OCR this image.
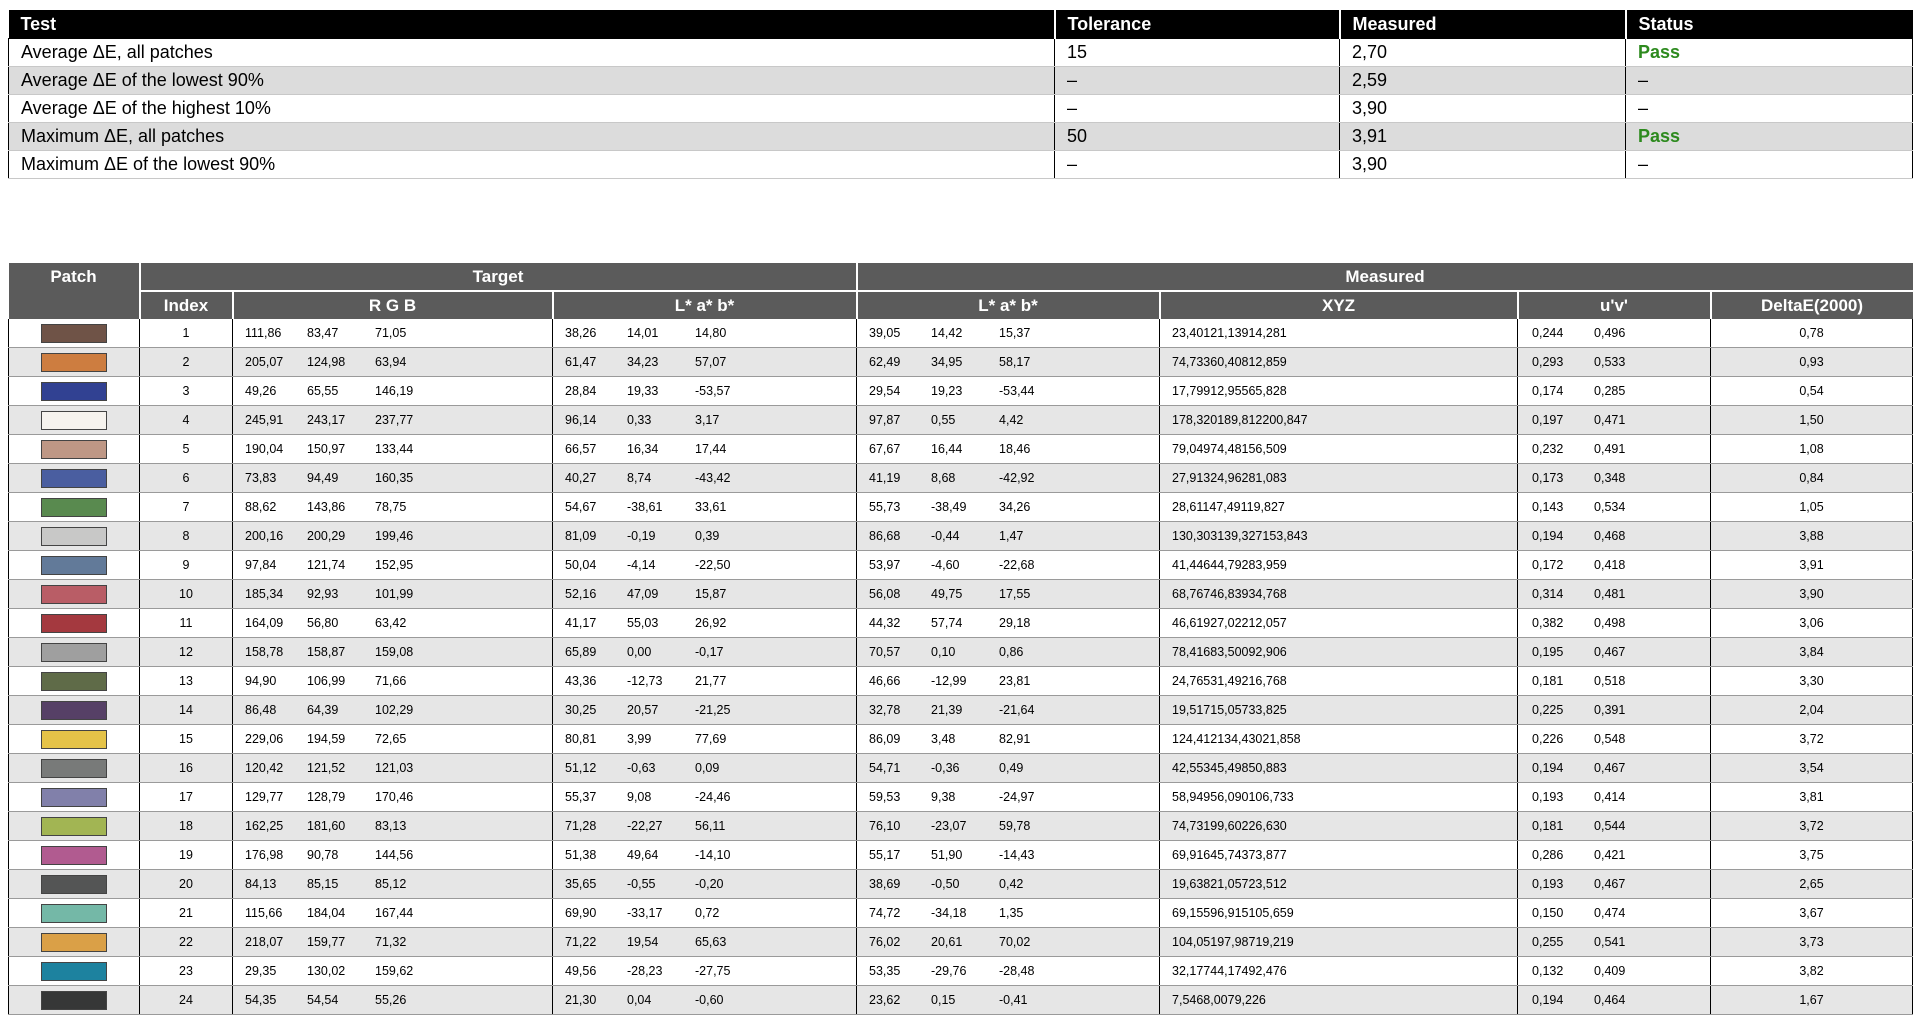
Test	Tolerance	Measured	Status
Average ΔE, all patches	15	2,70	Pass
Average ΔE of the lowest 90%	–	2,59	–
Average ΔE of the highest 10%	–	3,90	–
Maximum ΔE, all patches	50	3,91	Pass
Maximum ΔE of the lowest 90%	–	3,90	–
Patch	Target			Measured			
	Index	R G B	L* a* b*	L* a* b*	XYZ	u'v'	DeltaE(2000)
	1	111,86 83,47 71,05	38,26 14,01 14,80	39,05 14,42 15,37	23,40121,13914,281	0,244 0,496	0,78
	2	205,07 124,98 63,94	61,47 34,23 57,07	62,49 34,95 58,17	74,73360,40812,859	0,293 0,533	0,93
	3	49,26 65,55 146,19	28,84 19,33 -53,57	29,54 19,23 -53,44	17,79912,95565,828	0,174 0,285	0,54
	4	245,91 243,17 237,77	96,14 0,33 3,17	97,87 0,55 4,42	178,320189,812200,847	0,197 0,471	1,50
	5	190,04 150,97 133,44	66,57 16,34 17,44	67,67 16,44 18,46	79,04974,48156,509	0,232 0,491	1,08
	6	73,83 94,49 160,35	40,27 8,74 -43,42	41,19 8,68 -42,92	27,91324,96281,083	0,173 0,348	0,84
	7	88,62 143,86 78,75	54,67 -38,61 33,61	55,73 -38,49 34,26	28,61147,49119,827	0,143 0,534	1,05
	8	200,16 200,29 199,46	81,09 -0,19 0,39	86,68 -0,44 1,47	130,303139,327153,843	0,194 0,468	3,88
	9	97,84 121,74 152,95	50,04 -4,14 -22,50	53,97 -4,60 -22,68	41,44644,79283,959	0,172 0,418	3,91
	10	185,34 92,93 101,99	52,16 47,09 15,87	56,08 49,75 17,55	68,76746,83934,768	0,314 0,481	3,90
	11	164,09 56,80 63,42	41,17 55,03 26,92	44,32 57,74 29,18	46,61927,02212,057	0,382 0,498	3,06
	12	158,78 158,87 159,08	65,89 0,00 -0,17	70,57 0,10 0,86	78,41683,50092,906	0,195 0,467	3,84
	13	94,90 106,99 71,66	43,36 -12,73 21,77	46,66 -12,99 23,81	24,76531,49216,768	0,181 0,518	3,30
	14	86,48 64,39 102,29	30,25 20,57 -21,25	32,78 21,39 -21,64	19,51715,05733,825	0,225 0,391	2,04
	15	229,06 194,59 72,65	80,81 3,99 77,69	86,09 3,48 82,91	124,412134,43021,858	0,226 0,548	3,72
	16	120,42 121,52 121,03	51,12 -0,63 0,09	54,71 -0,36 0,49	42,55345,49850,883	0,194 0,467	3,54
	17	129,77 128,79 170,46	55,37 9,08 -24,46	59,53 9,38 -24,97	58,94956,090106,733	0,193 0,414	3,81
	18	162,25 181,60 83,13	71,28 -22,27 56,11	76,10 -23,07 59,78	74,73199,60226,630	0,181 0,544	3,72
	19	176,98 90,78 144,56	51,38 49,64 -14,10	55,17 51,90 -14,43	69,91645,74373,877	0,286 0,421	3,75
	20	84,13 85,15 85,12	35,65 -0,55 -0,20	38,69 -0,50 0,42	19,63821,05723,512	0,193 0,467	2,65
	21	115,66 184,04 167,44	69,90 -33,17 0,72	74,72 -34,18 1,35	69,15596,915105,659	0,150 0,474	3,67
	22	218,07 159,77 71,32	71,22 19,54 65,63	76,02 20,61 70,02	104,05197,98719,219	0,255 0,541	3,73
	23	29,35 130,02 159,62	49,56 -28,23 -27,75	53,35 -29,76 -28,48	32,17744,17492,476	0,132 0,409	3,82
	24	54,35 54,54 55,26	21,30 0,04 -0,60	23,62 0,15 -0,41	7,5468,0079,226	0,194 0,464	1,67
